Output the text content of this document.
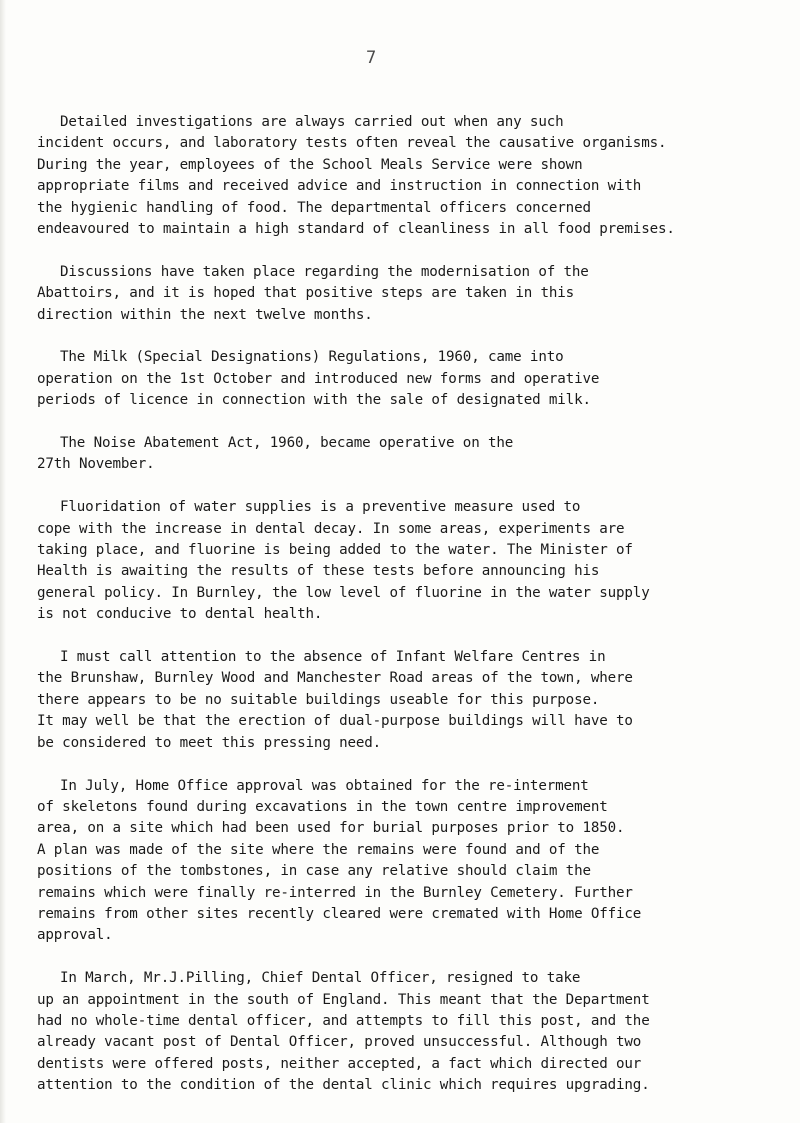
7

Detailed investigations are always carried out when any such
incident occurs, and laboratory tests often reveal the causative organisms.
During the year, employees of the School Meals Service were shown
appropriate films and received advice and instruction in connection with
the hygienic handling of food. The departmental officers concerned
endeavoured to maintain a high standard of cleanliness in all food premises.

Discussions have taken place regarding the modernisation of the
Abattoirs, and it is hoped that positive steps are taken in this
direction within the next twelve months.

The Milk (Special Designations) Regulations, 1960, came into
operation on the 1st October and introduced new forms and operative
periods of licence in connection with the sale of designated milk.

The Noise Abatement Act, 1960, became operative on the
27th November.

Fluoridation of water supplies is a preventive measure used to
cope with the increase in dental decay. In some areas, experiments are
taking place, and fluorine is being added to the water. The Minister of
Health is awaiting the results of these tests before announcing his
general policy. In Burnley, the low level of fluorine in the water supply
is not conducive to dental health.

I must call attention to the absence of Infant Welfare Centres in
the Brunshaw, Burnley Wood and Manchester Road areas of the town, where
there appears to be no suitable buildings useable for this purpose.
It may well be that the erection of dual-purpose buildings will have to
be considered to meet this pressing need.

In July, Home Office approval was obtained for the re-interment
of skeletons found during excavations in the town centre improvement
area, on a site which had been used for burial purposes prior to 1850.
A plan was made of the site where the remains were found and of the
positions of the tombstones, in case any relative should claim the
remains which were finally re-interred in the Burnley Cemetery. Further
remains from other sites recently cleared were cremated with Home Office
approval.

In March, Mr.J.Pilling, Chief Dental Officer, resigned to take
up an appointment in the south of England. This meant that the Department
had no whole-time dental officer, and attempts to fill this post, and the
already vacant post of Dental Officer, proved unsuccessful. Although two
dentists were offered posts, neither accepted, a fact which directed our
attention to the condition of the dental clinic which requires upgrading.
